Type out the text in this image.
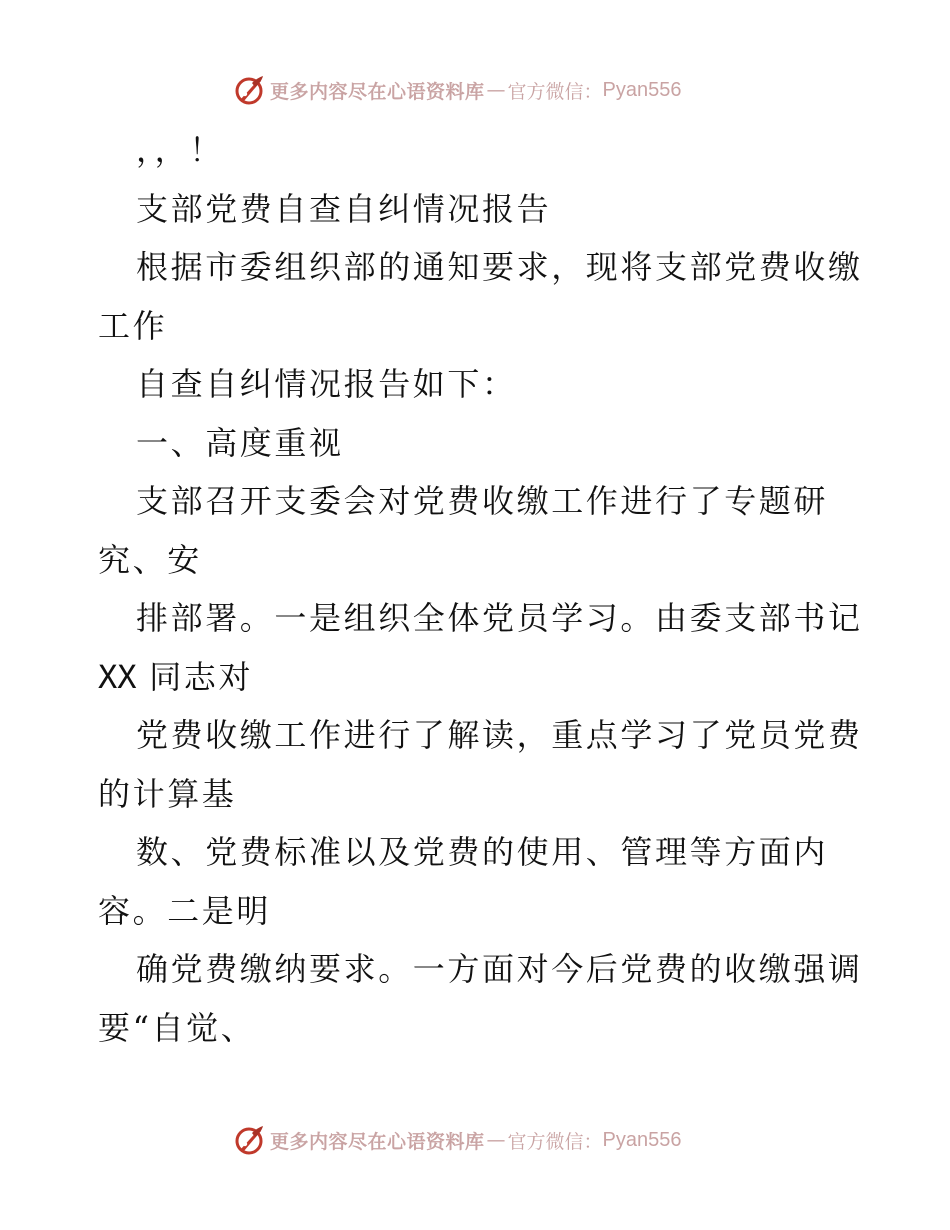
更多内容尽在心语资料库 — 官方微信： Pyan556
，，！
支部党费自查自纠情况报告
根据市委组织部的通知要求，现将支部党费收缴
工作
自查自纠情况报告如下：
一、高度重视
支部召开支委会对党费收缴工作进行了专题研
究、安
排部署。一是组织全体党员学习。由委支部书记
XX 同志对
党费收缴工作进行了解读，重点学习了党员党费
的计算基
数、党费标准以及党费的使用、管理等方面内
容。二是明
确党费缴纳要求。一方面对今后党费的收缴强调
要“自觉、
更多内容尽在心语资料库 — 官方微信： Pyan556
